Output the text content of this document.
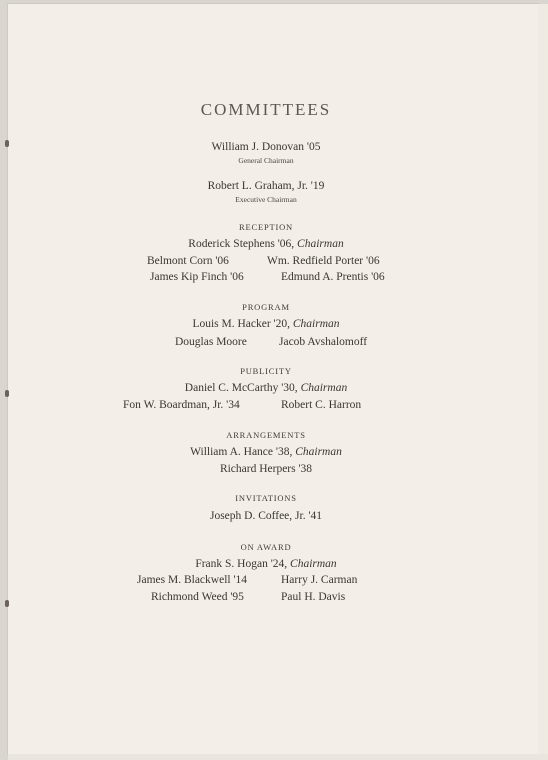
COMMITTEES
William J. Donovan '05
General Chairman
Robert L. Graham, Jr. '19
Executive Chairman
RECEPTION
Roderick Stephens '06, Chairman
Belmont Corn '06	Wm. Redfield Porter '06
James Kip Finch '06	Edmund A. Prentis '06
PROGRAM
Louis M. Hacker '20, Chairman
Douglas Moore	Jacob Avshalomoff
PUBLICITY
Daniel C. McCarthy '30, Chairman
Fon W. Boardman, Jr. '34	Robert C. Harron
ARRANGEMENTS
William A. Hance '38, Chairman
Richard Herpers '38
INVITATIONS
Joseph D. Coffee, Jr. '41
ON AWARD
Frank S. Hogan '24, Chairman
James M. Blackwell '14	Harry J. Carman
Richmond Weed '95	Paul H. Davis
